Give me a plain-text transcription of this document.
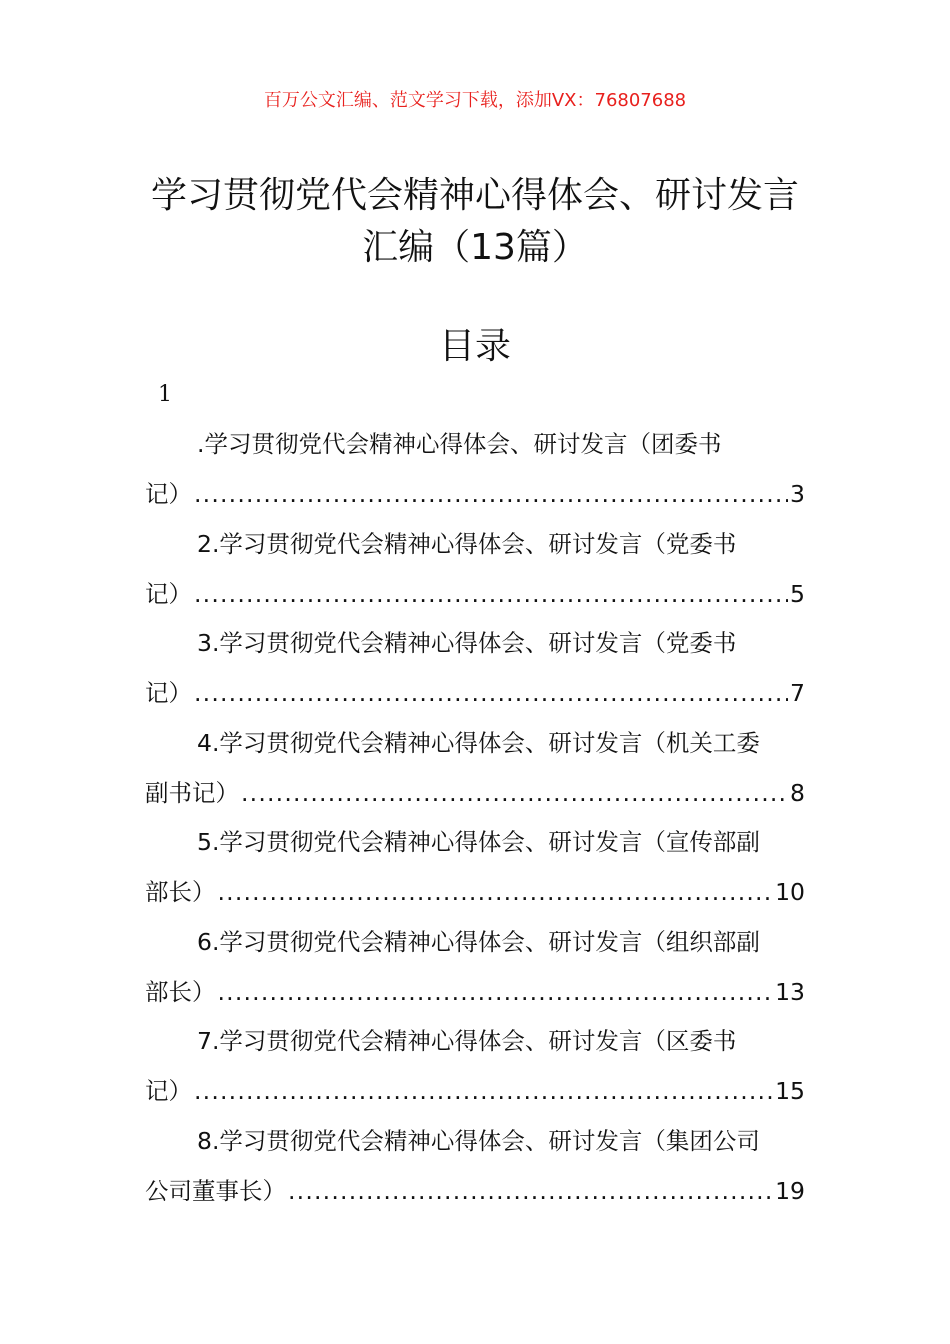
百万公文汇编、范文学习下载，添加VX：76807688
学习贯彻党代会精神心得体会、研讨发言
汇编（13篇）
目录
1
.学习贯彻党代会精神心得体会、研讨发言（团委书
记） .....	3
2.学习贯彻党代会精神心得体会、研讨发言（党委书
记） .....	5
3.学习贯彻党代会精神心得体会、研讨发言（党委书
记） .....	7
4.学习贯彻党代会精神心得体会、研讨发言（机关工委
副书记） .....	8
5.学习贯彻党代会精神心得体会、研讨发言（宣传部副
部长） .....	10
6.学习贯彻党代会精神心得体会、研讨发言（组织部副
部长） .....	13
7.学习贯彻党代会精神心得体会、研讨发言（区委书
记） .....	15
8.学习贯彻党代会精神心得体会、研讨发言（集团公司
公司董事长） .....	19
